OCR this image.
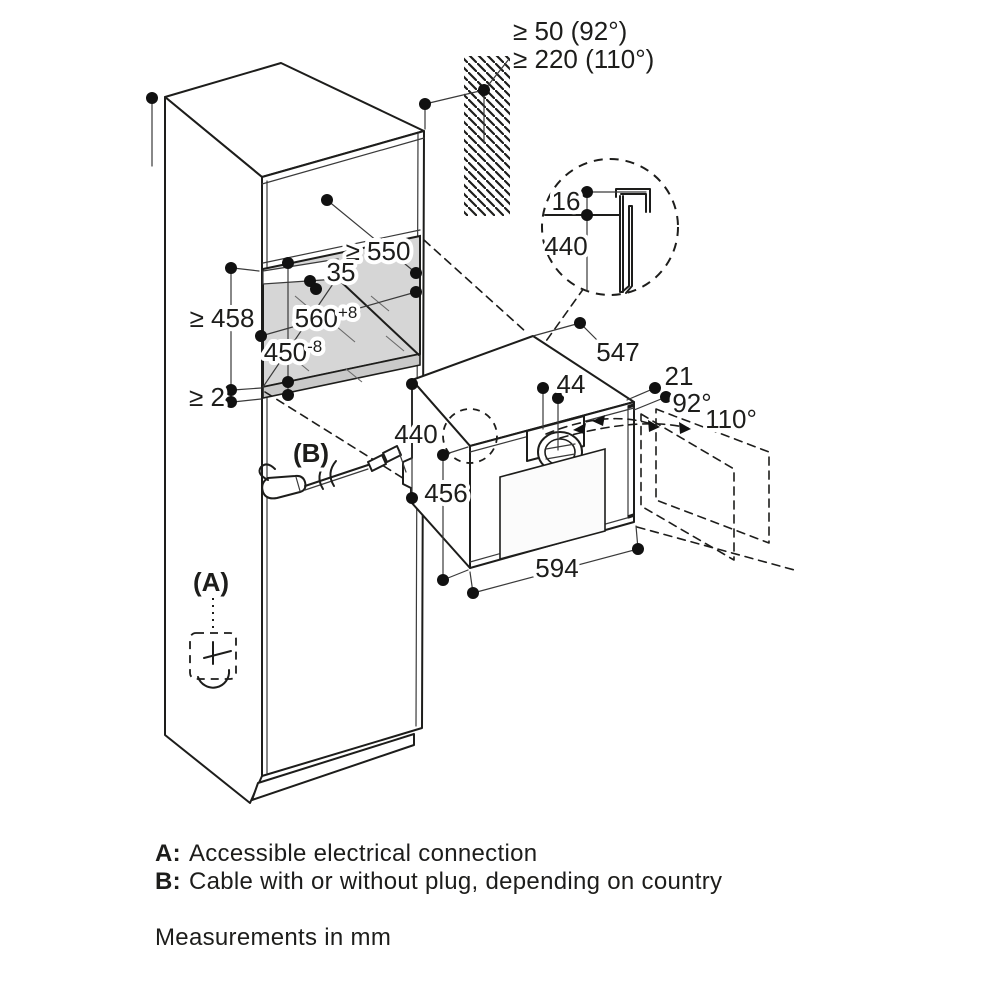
16
440
≥ 550
35
$560^{+8}$
$450^{-8}$
≥ 458
≥ 2
440
456
594
44
547
21
92°
110°
(A)
(B)
≥ 50 (92°)
≥ 220 (110°)
A: Accessible electrical connection
B: Cable with or without plug, depending on country
Measurements in mm
